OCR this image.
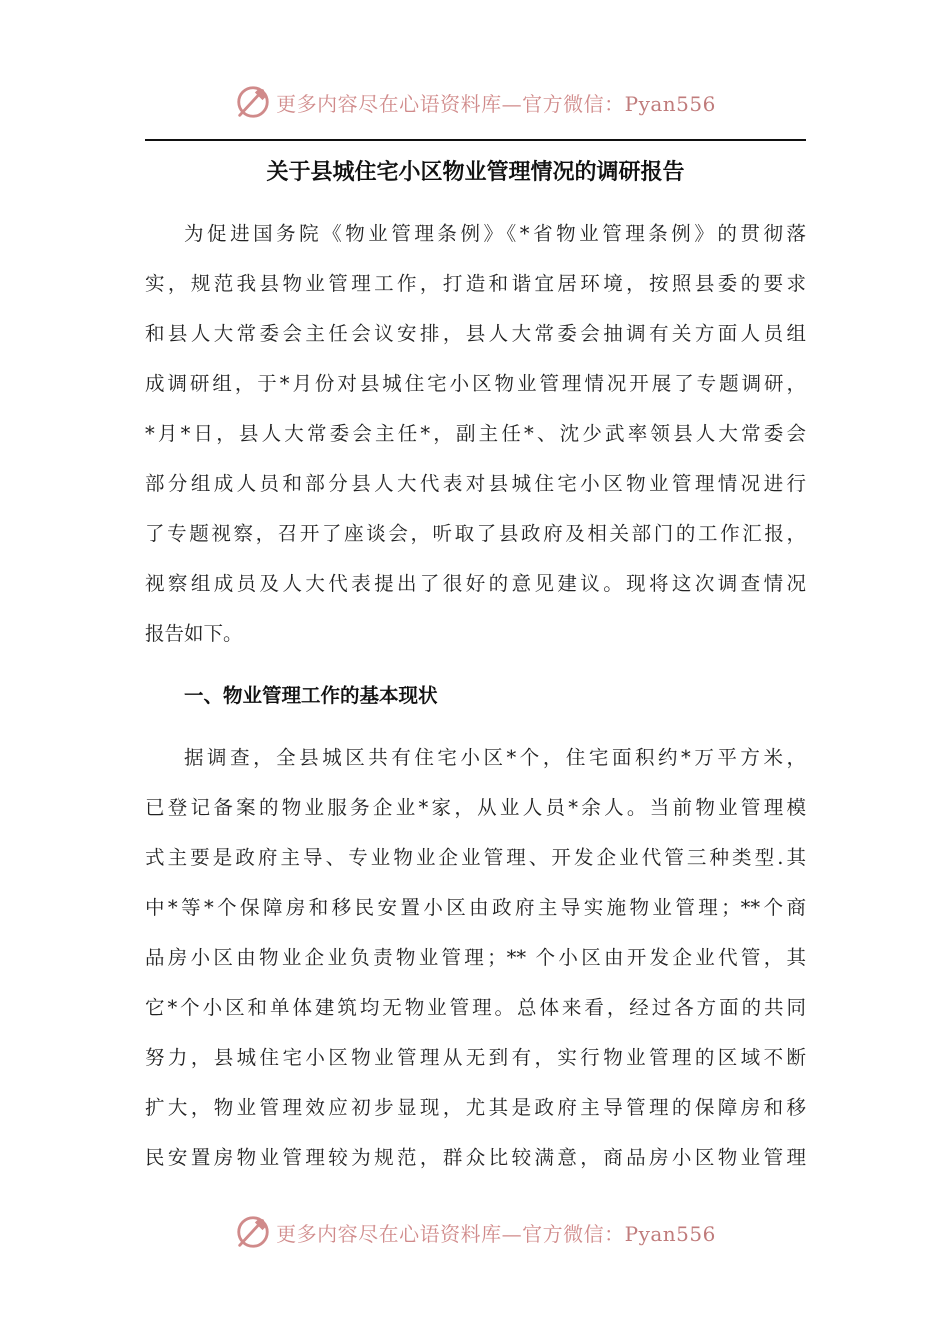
更多内容尽在心语资料库—官方微信：Pyan556
关于县城住宅小区物业管理情况的调研报告
为促进国务院《物业管理条例》《*省物业管理条例》的贯彻落
实，规范我县物业管理工作，打造和谐宜居环境，按照县委的要求
和县人大常委会主任会议安排，县人大常委会抽调有关方面人员组
成调研组，于*月份对县城住宅小区物业管理情况开展了专题调研，
*月*日，县人大常委会主任*，副主任*、沈少武率领县人大常委会
部分组成人员和部分县人大代表对县城住宅小区物业管理情况进行
了专题视察，召开了座谈会，听取了县政府及相关部门的工作汇报，
视察组成员及人大代表提出了很好的意见建议。现将这次调查情况
报告如下。
一、物业管理工作的基本现状
据调查，全县城区共有住宅小区*个，住宅面积约*万平方米，
已登记备案的物业服务企业*家，从业人员*余人。当前物业管理模
式主要是政府主导、专业物业企业管理、开发企业代管三种类型.其
中*等*个保障房和移民安置小区由政府主导实施物业管理；**个商
品房小区由物业企业负责物业管理；** 个小区由开发企业代管，其
它*个小区和单体建筑均无物业管理。总体来看，经过各方面的共同
努力，县城住宅小区物业管理从无到有，实行物业管理的区域不断
扩大，物业管理效应初步显现，尤其是政府主导管理的保障房和移
民安置房物业管理较为规范，群众比较满意，商品房小区物业管理
更多内容尽在心语资料库—官方微信：Pyan556
